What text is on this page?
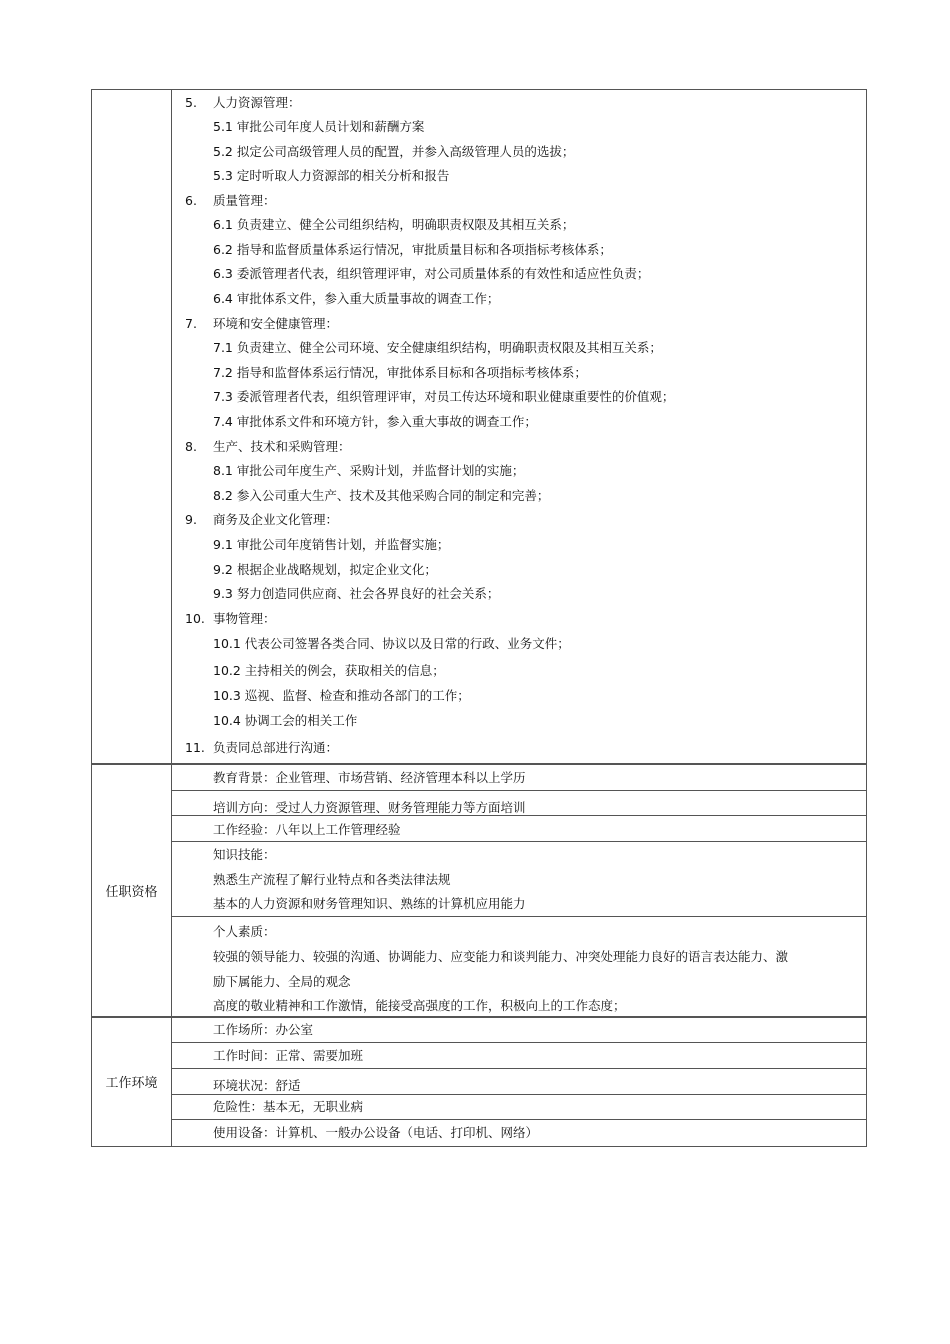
5. 人力资源管理：
5.1 审批公司年度人员计划和薪酬方案
5.2 拟定公司高级管理人员的配置，并参入高级管理人员的选拔；
5.3 定时听取人力资源部的相关分析和报告
6. 质量管理：
6.1 负责建立、健全公司组织结构，明确职责权限及其相互关系；
6.2 指导和监督质量体系运行情况，审批质量目标和各项指标考核体系；
6.3 委派管理者代表，组织管理评审，对公司质量体系的有效性和适应性负责；
6.4 审批体系文件，参入重大质量事故的调查工作；
7. 环境和安全健康管理：
7.1 负责建立、健全公司环境、安全健康组织结构，明确职责权限及其相互关系；
7.2 指导和监督体系运行情况，审批体系目标和各项指标考核体系；
7.3 委派管理者代表，组织管理评审，对员工传达环境和职业健康重要性的价值观；
7.4 审批体系文件和环境方针，参入重大事故的调查工作；
8. 生产、技术和采购管理：
8.1 审批公司年度生产、采购计划，并监督计划的实施；
8.2 参入公司重大生产、技术及其他采购合同的制定和完善；
9. 商务及企业文化管理：
9.1 审批公司年度销售计划，并监督实施；
9.2 根据企业战略规划，拟定企业文化；
9.3 努力创造同供应商、社会各界良好的社会关系；
10. 事物管理：
10.1 代表公司签署各类合同、协议以及日常的行政、业务文件；
10.2 主持相关的例会，获取相关的信息；
10.3 巡视、监督、检查和推动各部门的工作；
10.4 协调工会的相关工作
11. 负责同总部进行沟通：
任职资格
教育背景：企业管理、市场营销、经济管理本科以上学历
培训方向：受过人力资源管理、财务管理能力等方面培训
工作经验：八年以上工作管理经验
知识技能：
熟悉生产流程了解行业特点和各类法律法规
基本的人力资源和财务管理知识、熟练的计算机应用能力
个人素质：
较强的领导能力、较强的沟通、协调能力、应变能力和谈判能力、冲突处理能力良好的语言表达能力、激
励下属能力、全局的观念
高度的敬业精神和工作激情，能接受高强度的工作，积极向上的工作态度；
工作环境
工作场所：办公室
工作时间：正常、需要加班
环境状况：舒适
危险性：基本无，无职业病
使用设备：计算机、一般办公设备（电话、打印机、网络）
